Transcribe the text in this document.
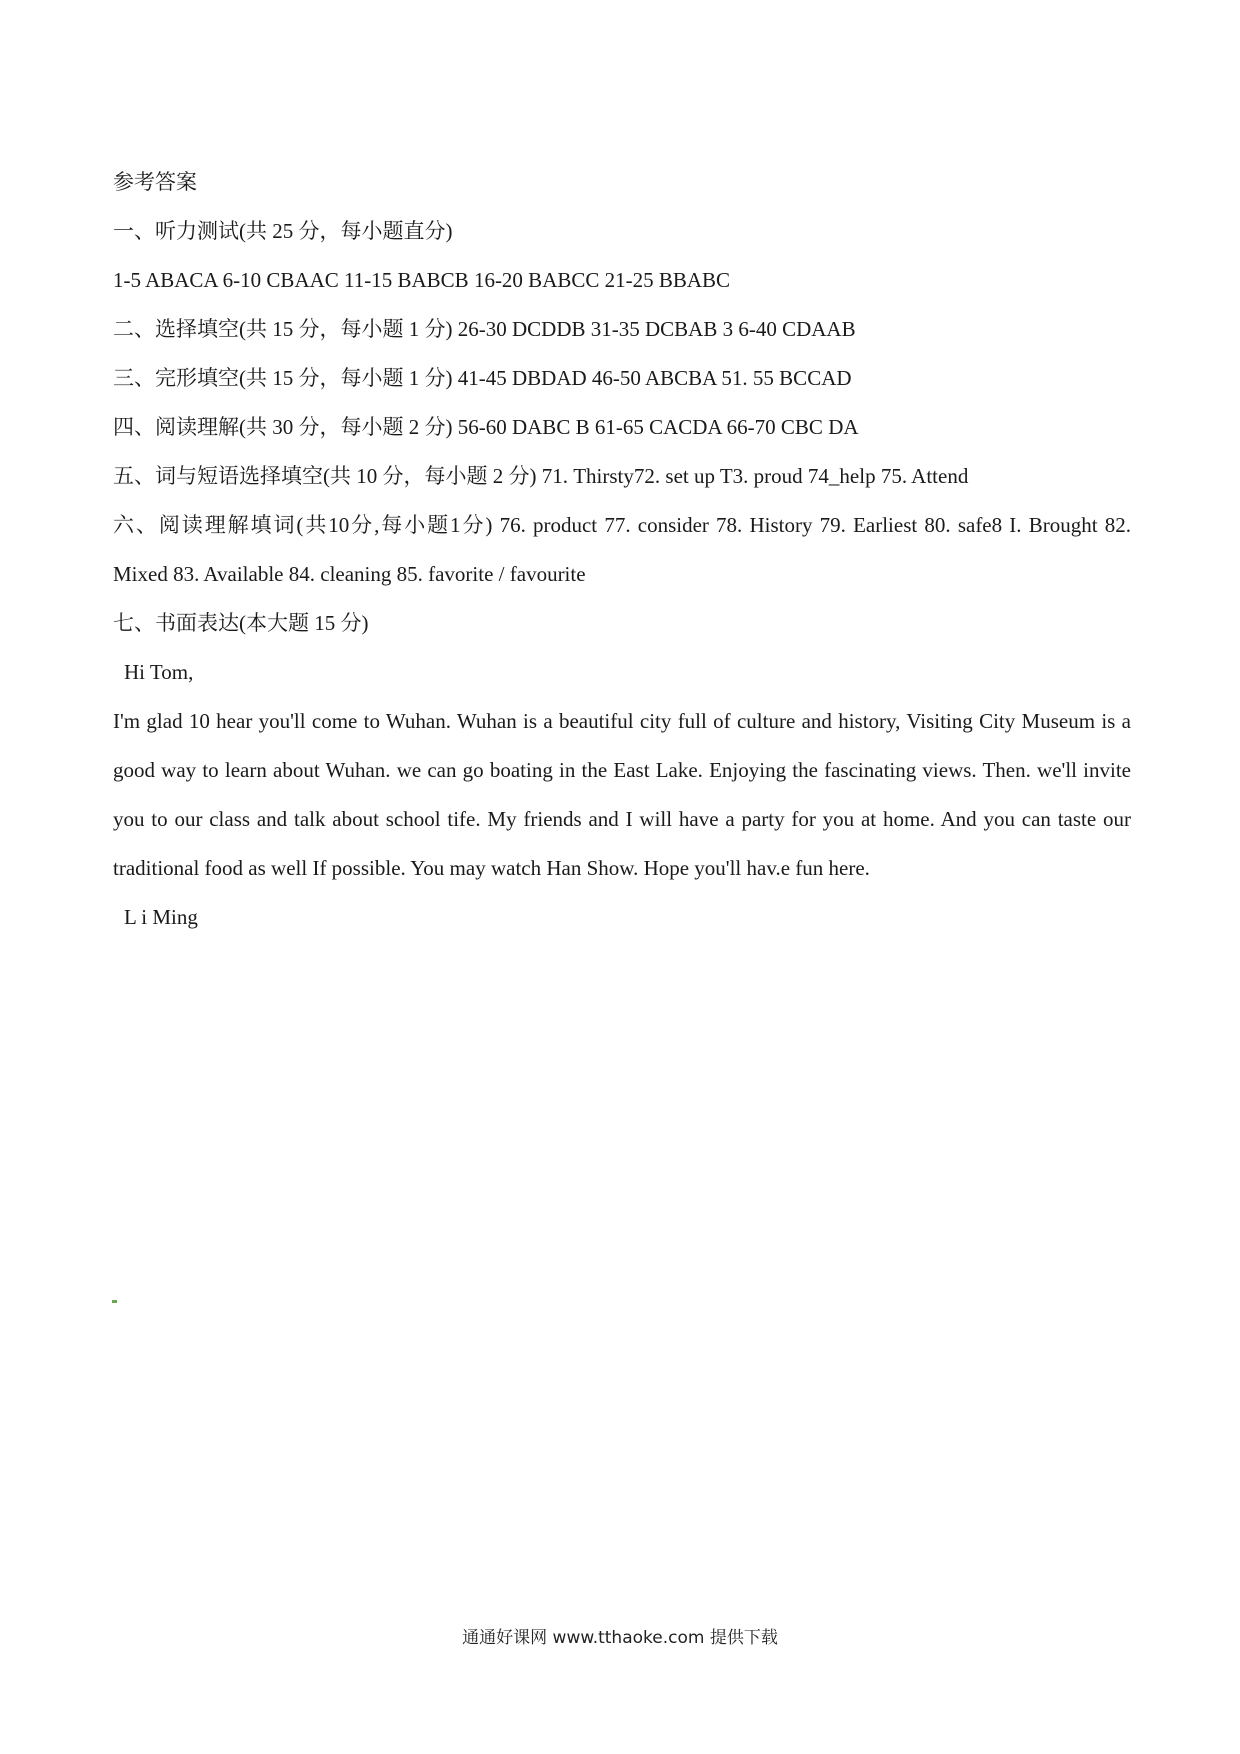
参考答案
一、听力测试(共 25 分，每小题直分)
1-5 ABACA 6-10 CBAAC 11-15 BABCB 16-20 BABCC 21-25 BBABC
二、选择填空(共 15 分，每小题 1 分) 26-30 DCDDB 31-35 DCBAB 3 6-40 CDAAB
三、完形填空(共 15 分，每小题 1 分) 41-45 DBDAD 46-50 ABCBA 51. 55 BCCAD
四、阅读理解(共 30 分，每小题 2 分) 56-60 DABC B 61-65 CACDA 66-70 CBC DA
五、词与短语选择填空(共 10 分，每小题 2 分) 71. Thirsty72. set up T3. proud 74_help 75. Attend
六、阅读理解填词(共10分,每小题1分) 76. product 77. consider 78. History 79. Earliest 80. safe8 I. Brought 82. Mixed 83. Available 84. cleaning 85. favorite / favourite
七、书面表达(本大题 15 分)
Hi Tom,
I'm glad 10 hear you'll come to Wuhan. Wuhan is a beautiful city full of culture and history, Visiting City Museum is a good way to learn about Wuhan. we can go boating in the East Lake. Enjoying the fascinating views. Then. we'll invite you to our class and talk about school tife. My friends and I will have a party for you at home. And you can taste our traditional food as well If possible. You may watch Han Show. Hope you'll hav.e fun here.
L i Ming
通通好课网 www.tthaoke.com 提供下载
